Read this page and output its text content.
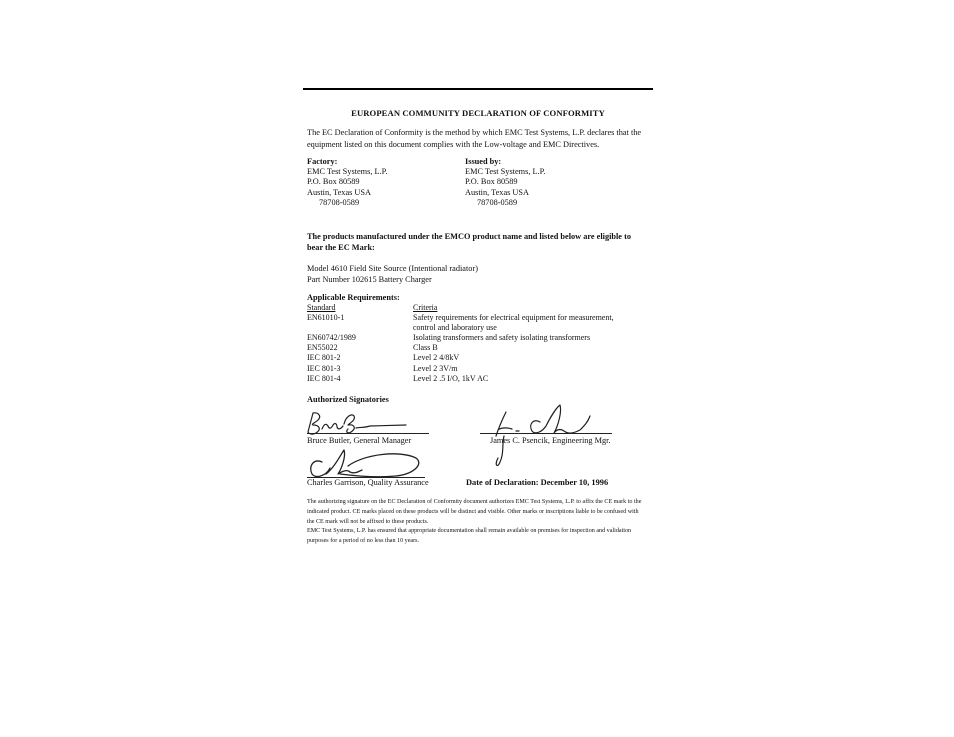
EUROPEAN COMMUNITY DECLARATION OF CONFORMITY
The EC Declaration of Conformity is the method by which EMC Test Systems, L.P. declares that the equipment listed on this document complies with the Low-voltage and EMC Directives.
Factory:
EMC Test Systems, L.P.
P.O. Box 80589
Austin, Texas USA
78708-0589
Issued by:
EMC Test Systems, L.P.
P.O. Box 80589
Austin, Texas USA
78708-0589
The products manufactured under the EMCO product name and listed below are eligible to bear the EC Mark:
Model 4610 Field Site Source (Intentional radiator)
Part Number 102615 Battery Charger
Applicable Requirements:
Standard	Criteria
EN61010-1	Safety requirements for electrical equipment for measurement, control and laboratory use
EN60742/1989	Isolating transformers and safety isolating transformers
EN55022	Class B
IEC 801-2	Level 2 4/8kV
IEC 801-3	Level 2 3V/m
IEC 801-4	Level 2 .5 I/O, 1kV AC
Authorized Signatories
Bruce Butler, General Manager	James C. Psencik, Engineering Mgr.
Charles Garrison, Quality Assurance	Date of Declaration: December 10, 1996
The authorizing signature on the EC Declaration of Conformity document authorizes EMC Test Systems, L.P. to affix the CE mark to the indicated product. CE marks placed on these products will be distinct and visible. Other marks or inscriptions liable to be confused with the CE mark will not be affixed to these products.
EMC Test Systems, L.P. has ensured that appropriate documentation shall remain available on premises for inspection and validation purposes for a period of no less than 10 years.
